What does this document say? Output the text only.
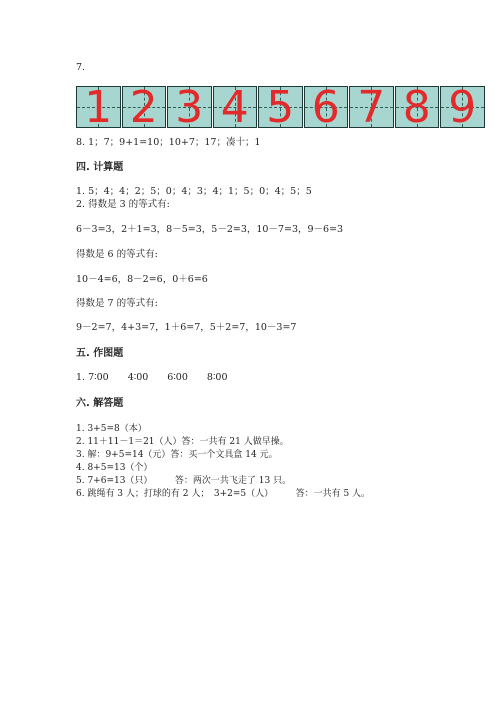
7.
1 2 3 4 5 6 7 8 9
8. 1；7；9+1=10；10+7；17；凑十；1
四. 计算题
1. 5；4；4；2；5；0；4；3；4；1；5；0；4；5；5
2. 得数是 3 的等式有:
6－3=3，2＋1=3，8－5=3，5－2=3，10－7=3，9－6=3
得数是 6 的等式有:
10－4=6，8－2=6，0＋6=6
得数是 7 的等式有:
9－2=7，4+3=7，1＋6=7，5＋2=7，10－3=7
五. 作图题
1. 7∶00　　4∶00　　6∶00　　8∶00
六. 解答题
1. 3+5=8（本）
2. 11＋11－1＝21（人）答：一共有 21 人做早操。
3. 解：9+5=14（元）答：买一个文具盒 14 元。
4. 8+5=13（个）
5. 7+6=13（只）　　　答：两次一共飞走了 13 只。
6. 跳绳有 3 人；打球的有 2 人；　3+2=5（人）　　　答：一共有 5 人。
